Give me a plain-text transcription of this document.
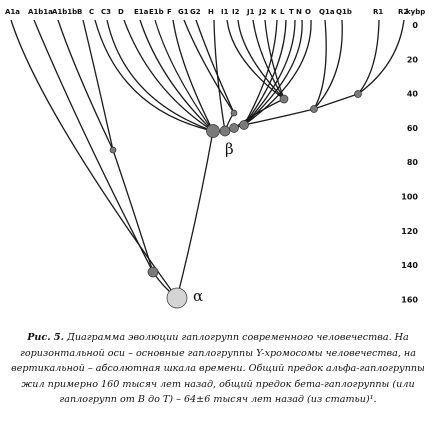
A1a A1b1a A1b1b B C C3 D E1a E1b F G1 G2 H I1 I2 J1 J2 K L T N O Q1a Q1b	R1 R2
kybp
0
20
40
60
80
100
120
140
160
α
β
Рис. 5. Диаграмма эволюции гаплогрупп современного человечества. На горизонтальной оси – основные гаплогруппы Y-хромосомы человечества, на вертикальной – абсолютная шкала времени. Общий предок альфа-гаплогруппы жил примерно 160 тысяч лет назад, общий предок бета-гаплогруппы (или гаплогрупп от B до T) – 64±6 тысяч лет назад (из статьи)¹.
